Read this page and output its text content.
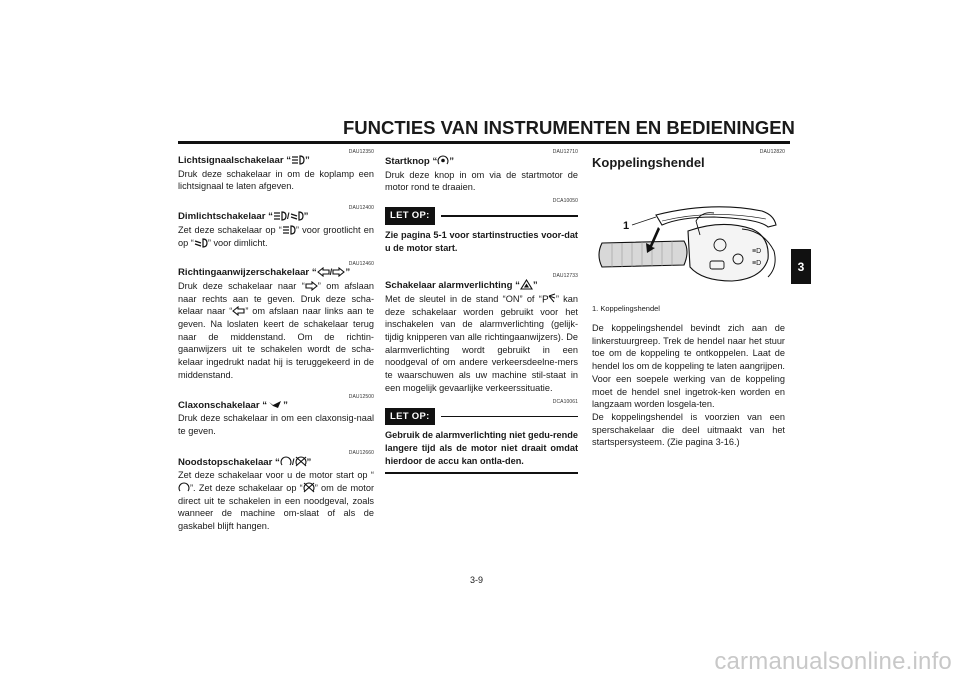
FUNCTIES VAN INSTRUMENTEN EN BEDIENINGEN
3
DAU12350
Lichtsignaalschakelaar “ ”
Druk deze schakelaar in om de koplamp een lichtsignaal te laten afgeven.
DAU12400
Dimlichtschakelaar “ / ”
Zet deze schakelaar op “ ” voor grootlicht en op “ ” voor dimlicht.
DAU12460
Richtingaanwijzerschakelaar “ / ”
Druk deze schakelaar naar “ ” om afslaan naar rechts aan te geven. Druk deze scha-kelaar naar “ ” om afslaan naar links aan te geven. Na loslaten keert de schakelaar terug naar de middenstand. Om de richtin-gaanwijzers uit te schakelen wordt de scha-kelaar ingedrukt nadat hij is teruggekeerd in de middenstand.
DAU12500
Claxonschakelaar “ ”
Druk deze schakelaar in om een claxonsig-naal te geven.
DAU12660
Noodstopschakelaar “ / ”
Zet deze schakelaar voor u de motor start op “”. Zet deze schakelaar op “ ” om de motor direct uit te schakelen in een noodgeval, zoals wanneer de machine om-slaat of als de gaskabel blijft hangen.
DAU12710
Startknop “ ”
Druk deze knop in om via de startmotor de motor rond te draaien.
DCA10050
LET OP:
Zie pagina 5-1 voor startinstructies voor-dat u de motor start.
DAU12733
Schakelaar alarmverlichting “ ”
Met de sleutel in de stand “ON” of “ P ” kan deze schakelaar worden gebruikt voor het inschakelen van de alarmverlichting (gelijk-tijdig knipperen van alle richtingaanwijzers). De alarmverlichting wordt gebruikt in een noodgeval of om andere verkeersdeelne-mers te waarschuwen als uw machine stil-staat in een mogelijk gevaarlijke verkeerssituatie.
DCA10061
LET OP:
Gebruik de alarmverlichting niet gedu-rende langere tijd als de motor niet draait omdat hierdoor de accu kan ontla-den.
DAU12820
Koppelingshendel
1
≡D
≡D
1. Koppelingshendel
De koppelingshendel bevindt zich aan de linkerstuurgreep. Trek de hendel naar het stuur toe om de koppeling te ontkoppelen. Laat de hendel los om de koppeling te laten aangrijpen. Voor een soepele werking van de koppeling moet de hendel snel ingetrok-ken worden en langzaam worden losgela-ten.
De koppelingshendel is voorzien van een sperschakelaar die deel uitmaakt van het startspersysteem. (Zie pagina 3-16.)
3-9
carmanualsonline.info
